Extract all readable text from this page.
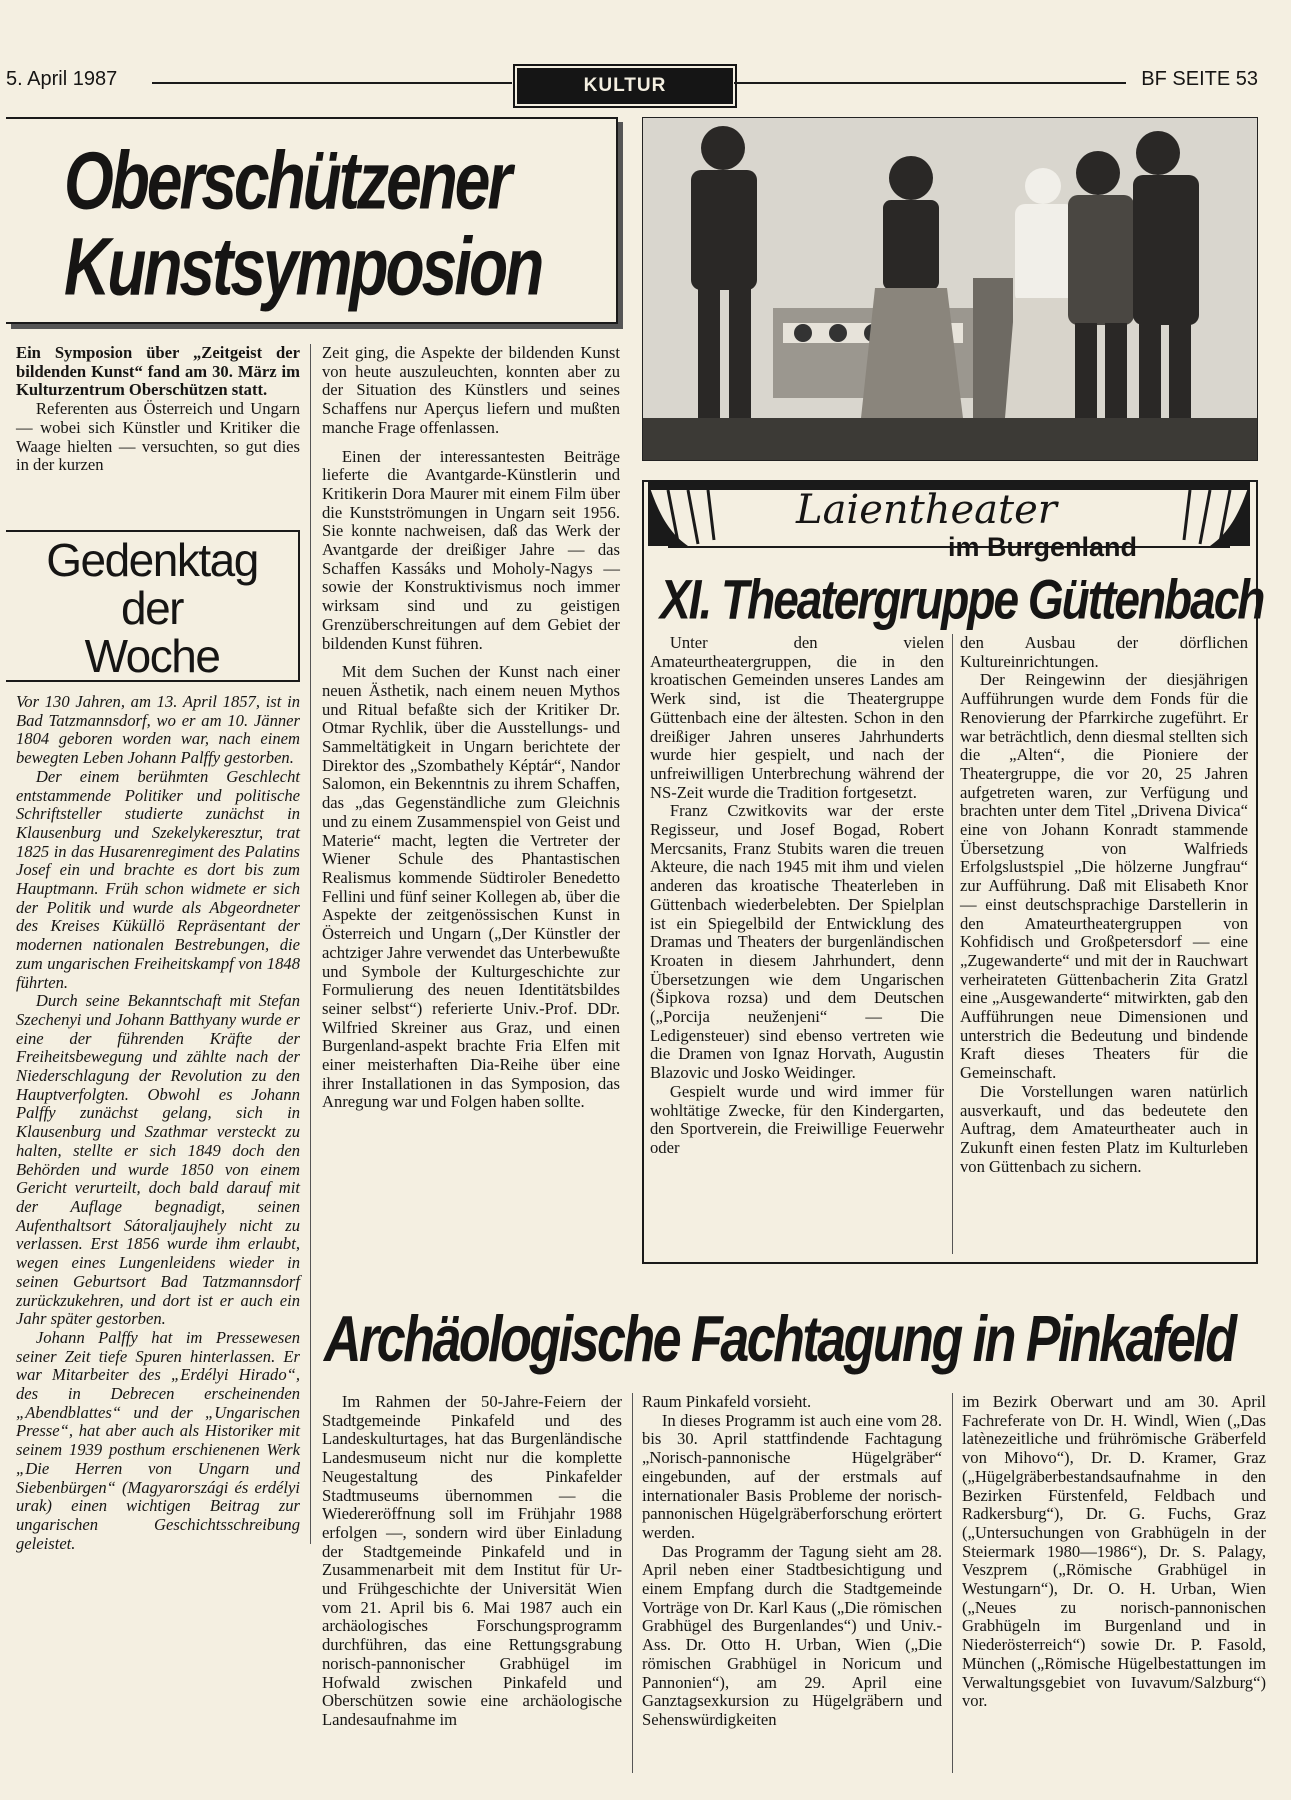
5. April 1987	KULTUR	BF SEITE 53
Oberschützener
Kunstsymposion

Ein Symposion über „Zeitgeist der bildenden Kunst“ fand am 30. März im Kulturzentrum Oberschützen statt.

Referenten aus Österreich und Ungarn — wobei sich Künstler und Kritiker die Waage hielten — versuchten, so gut dies in der kurzen

Gedenktag
der
Woche

Vor 130 Jahren, am 13. April 1857, ist in Bad Tatzmannsdorf, wo er am 10. Jänner 1804 geboren worden war, nach einem bewegten Leben Johann Palffy gestorben.

Der einem berühmten Geschlecht entstammende Politiker und politische Schriftsteller studierte zunächst in Klausenburg und Szekelykeresztur, trat 1825 in das Husarenregiment des Palatins Josef ein und brachte es dort bis zum Hauptmann. Früh schon widmete er sich der Politik und wurde als Abgeordneter des Kreises Küküllö Repräsentant der modernen nationalen Bestrebungen, die zum ungarischen Freiheitskampf von 1848 führten.

Durch seine Bekanntschaft mit Stefan Szechenyi und Johann Batthyany wurde er eine der führenden Kräfte der Freiheitsbewegung und zählte nach der Niederschlagung der Revolution zu den Hauptverfolgten. Obwohl es Johann Palffy zunächst gelang, sich in Klausenburg und Szathmar versteckt zu halten, stellte er sich 1849 doch den Behörden und wurde 1850 von einem Gericht verurteilt, doch bald darauf mit der Auflage begnadigt, seinen Aufenthaltsort Sátoraljaujhely nicht zu verlassen. Erst 1856 wurde ihm erlaubt, wegen eines Lungenleidens wieder in seinen Geburtsort Bad Tatzmannsdorf zurückzukehren, und dort ist er auch ein Jahr später gestorben.

Johann Palffy hat im Pressewesen seiner Zeit tiefe Spuren hinterlassen. Er war Mitarbeiter des „Erdélyi Hirado“, des in Debrecen erscheinenden „Abendblattes“ und der „Ungarischen Presse“, hat aber auch als Historiker mit seinem 1939 posthum erschienenen Werk „Die Herren von Ungarn und Siebenbürgen“ (Magyarországi és erdélyi urak) einen wichtigen Beitrag zur ungarischen Geschichtsschreibung geleistet.

Zeit ging, die Aspekte der bildenden Kunst von heute auszuleuchten, konnten aber zu der Situation des Künstlers und seines Schaffens nur Aperçus liefern und mußten manche Frage offenlassen.

Einen der interessantesten Beiträge lieferte die Avantgarde-Künstlerin und Kritikerin Dora Maurer mit einem Film über die Kunstströmungen in Ungarn seit 1956. Sie konnte nachweisen, daß das Werk der Avantgarde der dreißiger Jahre — das Schaffen Kassáks und Moholy-Nagys — sowie der Konstruktivismus noch immer wirksam sind und zu geistigen Grenzüberschreitungen auf dem Gebiet der bildenden Kunst führen.

Mit dem Suchen der Kunst nach einer neuen Ästhetik, nach einem neuen Mythos und Ritual befaßte sich der Kritiker Dr. Otmar Rychlik, über die Ausstellungs- und Sammeltätigkeit in Ungarn berichtete der Direktor des „Szombathely Képtár“, Nandor Salomon, ein Bekenntnis zu ihrem Schaffen, das „das Gegenständliche zum Gleichnis und zu einem Zusammenspiel von Geist und Materie“ macht, legten die Vertreter der Wiener Schule des Phantastischen Realismus kommende Südtiroler Benedetto Fellini und fünf seiner Kollegen ab, über die Aspekte der zeitgenössischen Kunst in Österreich und Ungarn („Der Künstler der achtziger Jahre verwendet das Unterbewußte und Symbole der Kulturgeschichte zur Formulierung des neuen Identitätsbildes seiner selbst“) referierte Univ.-Prof. DDr. Wilfried Skreiner aus Graz, und einen Burgenland-aspekt brachte Fria Elfen mit einer meisterhaften Dia-Reihe über eine ihrer Installationen in das Symposion, das Anregung war und Folgen haben sollte.

Laientheater
im Burgenland
XI. Theatergruppe Güttenbach

Unter den vielen Amateurtheatergruppen, die in den kroatischen Gemeinden unseres Landes am Werk sind, ist die Theatergruppe Güttenbach eine der ältesten. Schon in den dreißiger Jahren unseres Jahrhunderts wurde hier gespielt, und nach der unfreiwilligen Unterbrechung während der NS-Zeit wurde die Tradition fortgesetzt.

Franz Czwitkovits war der erste Regisseur, und Josef Bogad, Robert Mercsanits, Franz Stubits waren die treuen Akteure, die nach 1945 mit ihm und vielen anderen das kroatische Theaterleben in Güttenbach wiederbelebten. Der Spielplan ist ein Spiegelbild der Entwicklung des Dramas und Theaters der burgenländischen Kroaten in diesem Jahrhundert, denn Übersetzungen wie dem Ungarischen (Šipkova rozsa) und dem Deutschen („Porcija neuženjeni“ — Die Ledigensteuer) sind ebenso vertreten wie die Dramen von Ignaz Horvath, Augustin Blazovic und Josko Weidinger.

Gespielt wurde und wird immer für wohltätige Zwecke, für den Kindergarten, den Sportverein, die Freiwillige Feuerwehr oder

den Ausbau der dörflichen Kultureinrichtungen.

Der Reingewinn der diesjährigen Aufführungen wurde dem Fonds für die Renovierung der Pfarrkirche zugeführt. Er war beträchtlich, denn diesmal stellten sich die „Alten“, die Pioniere der Theatergruppe, die vor 20, 25 Jahren aufgetreten waren, zur Verfügung und brachten unter dem Titel „Drivena Divica“ eine von Johann Konradt stammende Übersetzung von Walfrieds Erfolgslustspiel „Die hölzerne Jungfrau“ zur Aufführung. Daß mit Elisabeth Knor — einst deutschsprachige Darstellerin in den Amateurtheatergruppen von Kohfidisch und Großpetersdorf — eine „Zugewanderte“ und mit der in Rauchwart verheirateten Güttenbacherin Zita Gratzl eine „Ausgewanderte“ mitwirkten, gab den Aufführungen neue Dimensionen und unterstrich die Bedeutung und bindende Kraft dieses Theaters für die Gemeinschaft.

Die Vorstellungen waren natürlich ausverkauft, und das bedeutete den Auftrag, dem Amateurtheater auch in Zukunft einen festen Platz im Kulturleben von Güttenbach zu sichern.

Archäologische Fachtagung in Pinkafeld

Im Rahmen der 50-Jahre-Feiern der Stadtgemeinde Pinkafeld und des Landeskulturtages, hat das Burgenländische Landesmuseum nicht nur die komplette Neugestaltung des Pinkafelder Stadtmuseums übernommen — die Wiedereröffnung soll im Frühjahr 1988 erfolgen —, sondern wird über Einladung der Stadtgemeinde Pinkafeld und in Zusammenarbeit mit dem Institut für Ur- und Frühgeschichte der Universität Wien vom 21. April bis 6. Mai 1987 auch ein archäologisches Forschungsprogramm durchführen, das eine Rettungsgrabung norisch-pannonischer Grabhügel im Hofwald zwischen Pinkafeld und Oberschützen sowie eine archäologische Landesaufnahme im

Raum Pinkafeld vorsieht.

In dieses Programm ist auch eine vom 28. bis 30. April stattfindende Fachtagung „Norisch-pannonische Hügelgräber“ eingebunden, auf der erstmals auf internationaler Basis Probleme der norisch-pannonischen Hügelgräberforschung erörtert werden.

Das Programm der Tagung sieht am 28. April neben einer Stadtbesichtigung und einem Empfang durch die Stadtgemeinde Vorträge von Dr. Karl Kaus („Die römischen Grabhügel des Burgenlandes“) und Univ.-Ass. Dr. Otto H. Urban, Wien („Die römischen Grabhügel in Noricum und Pannonien“), am 29. April eine Ganztagsexkursion zu Hügelgräbern und Sehenswürdigkeiten

im Bezirk Oberwart und am 30. April Fachreferate von Dr. H. Windl, Wien („Das latènezeitliche und frührömische Gräberfeld von Mihovo“), Dr. D. Kramer, Graz („Hügelgräberbestandsaufnahme in den Bezirken Fürstenfeld, Feldbach und Radkersburg“), Dr. G. Fuchs, Graz („Untersuchungen von Grabhügeln in der Steiermark 1980—1986“), Dr. S. Palagy, Veszprem („Römische Grabhügel in Westungarn“), Dr. O. H. Urban, Wien („Neues zu norisch-pannonischen Grabhügeln im Burgenland und in Niederösterreich“) sowie Dr. P. Fasold, München („Römische Hügelbestattungen im Verwaltungsgebiet von Iuvavum/Salzburg“) vor.
